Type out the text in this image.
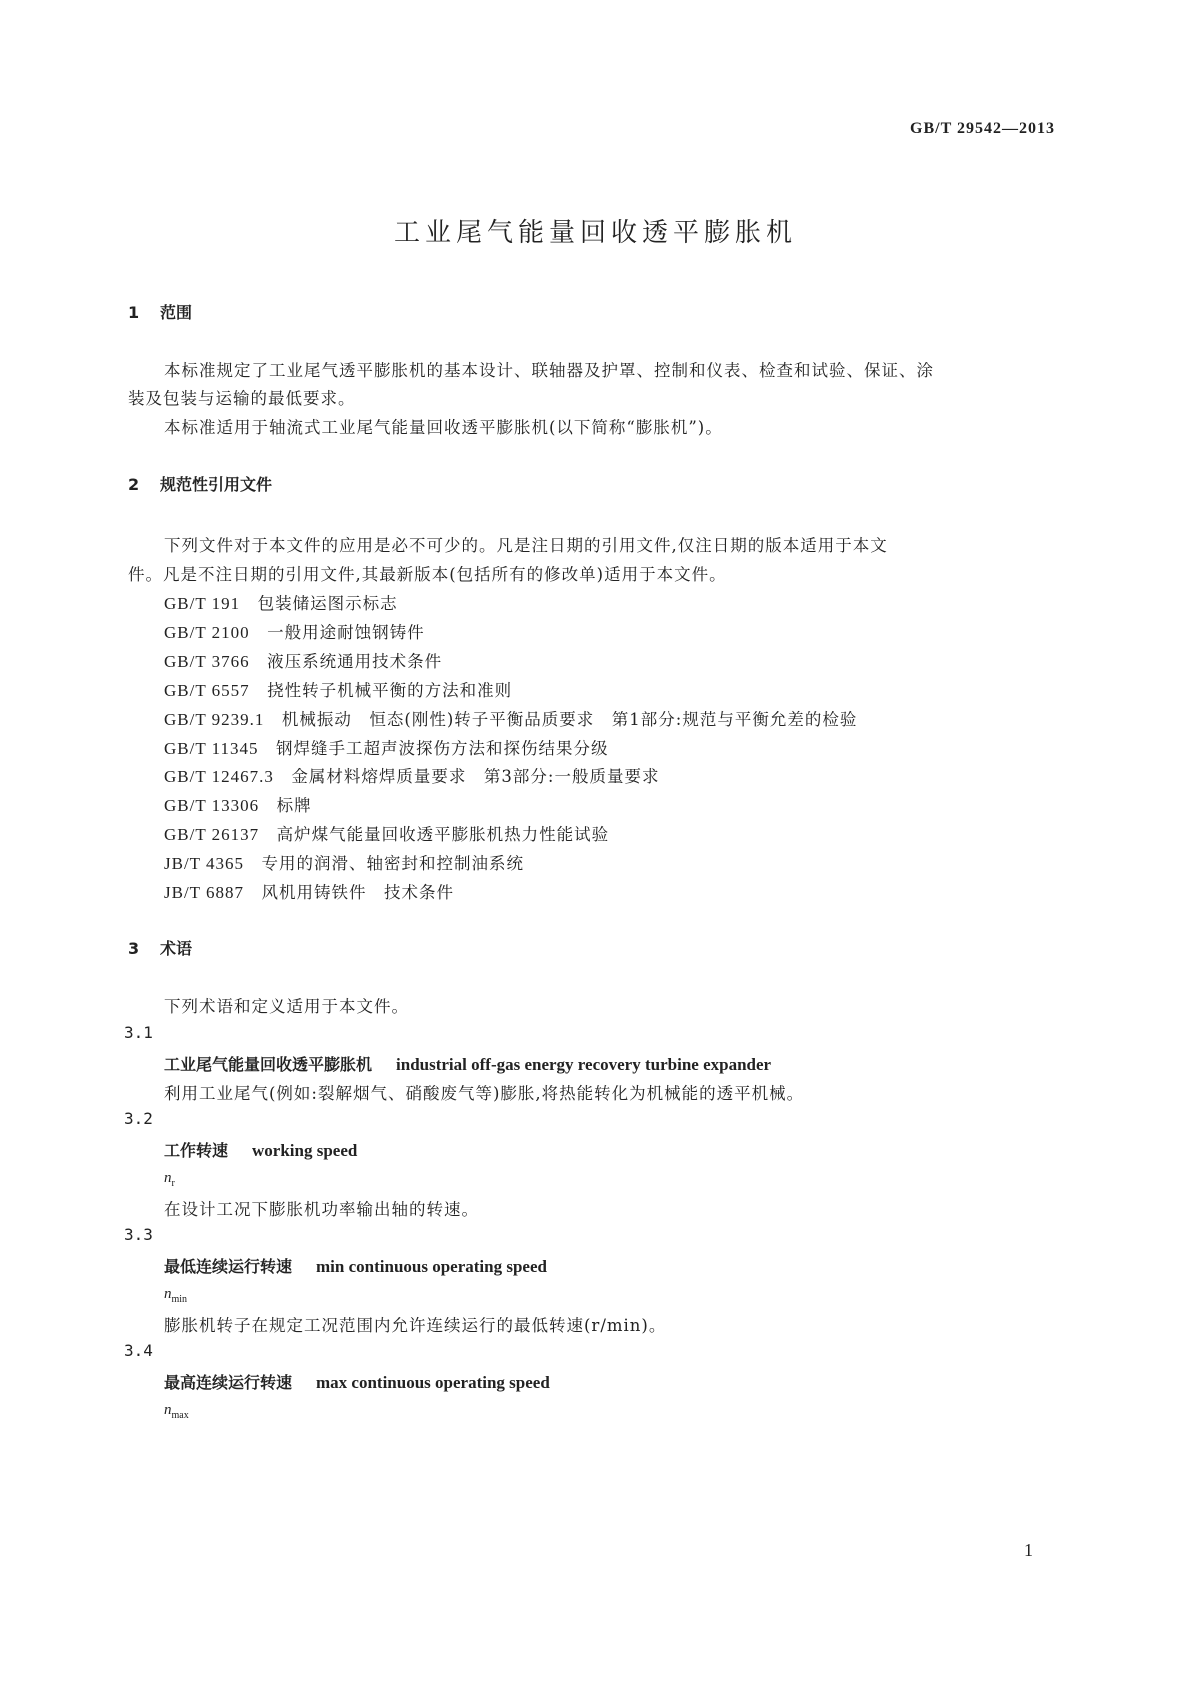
GB/T 29542—2013
工业尾气能量回收透平膨胀机
1 范围
本标准规定了工业尾气透平膨胀机的基本设计、联轴器及护罩、控制和仪表、检查和试验、保证、涂
装及包装与运输的最低要求。
本标准适用于轴流式工业尾气能量回收透平膨胀机(以下简称“膨胀机”)。
2 规范性引用文件
下列文件对于本文件的应用是必不可少的。凡是注日期的引用文件,仅注日期的版本适用于本文
件。凡是不注日期的引用文件,其最新版本(包括所有的修改单)适用于本文件。
GB/T 191　 包装储运图示标志
GB/T 2100　 一般用途耐蚀钢铸件
GB/T 3766　 液压系统通用技术条件
GB/T 6557　 挠性转子机械平衡的方法和准则
GB/T 9239.1　 机械振动　恒态(刚性)转子平衡品质要求　第1部分:规范与平衡允差的检验
GB/T 11345　 钢焊缝手工超声波探伤方法和探伤结果分级
GB/T 12467.3　 金属材料熔焊质量要求　第3部分:一般质量要求
GB/T 13306　 标牌
GB/T 26137　 高炉煤气能量回收透平膨胀机热力性能试验
JB/T 4365　 专用的润滑、轴密封和控制油系统
JB/T 6887　 风机用铸铁件　技术条件
3 术语
下列术语和定义适用于本文件。
3.1
工业尾气能量回收透平膨胀机 industrial off-gas energy recovery turbine expander
利用工业尾气(例如:裂解烟气、硝酸废气等)膨胀,将热能转化为机械能的透平机械。
3.2
工作转速 working speed
$n_r$
在设计工况下膨胀机功率输出轴的转速。
3.3
最低连续运行转速 min continuous operating speed
$n_{min}$
膨胀机转子在规定工况范围内允许连续运行的最低转速(r/min)。
3.4
最高连续运行转速 max continuous operating speed
$n_{max}$
1
